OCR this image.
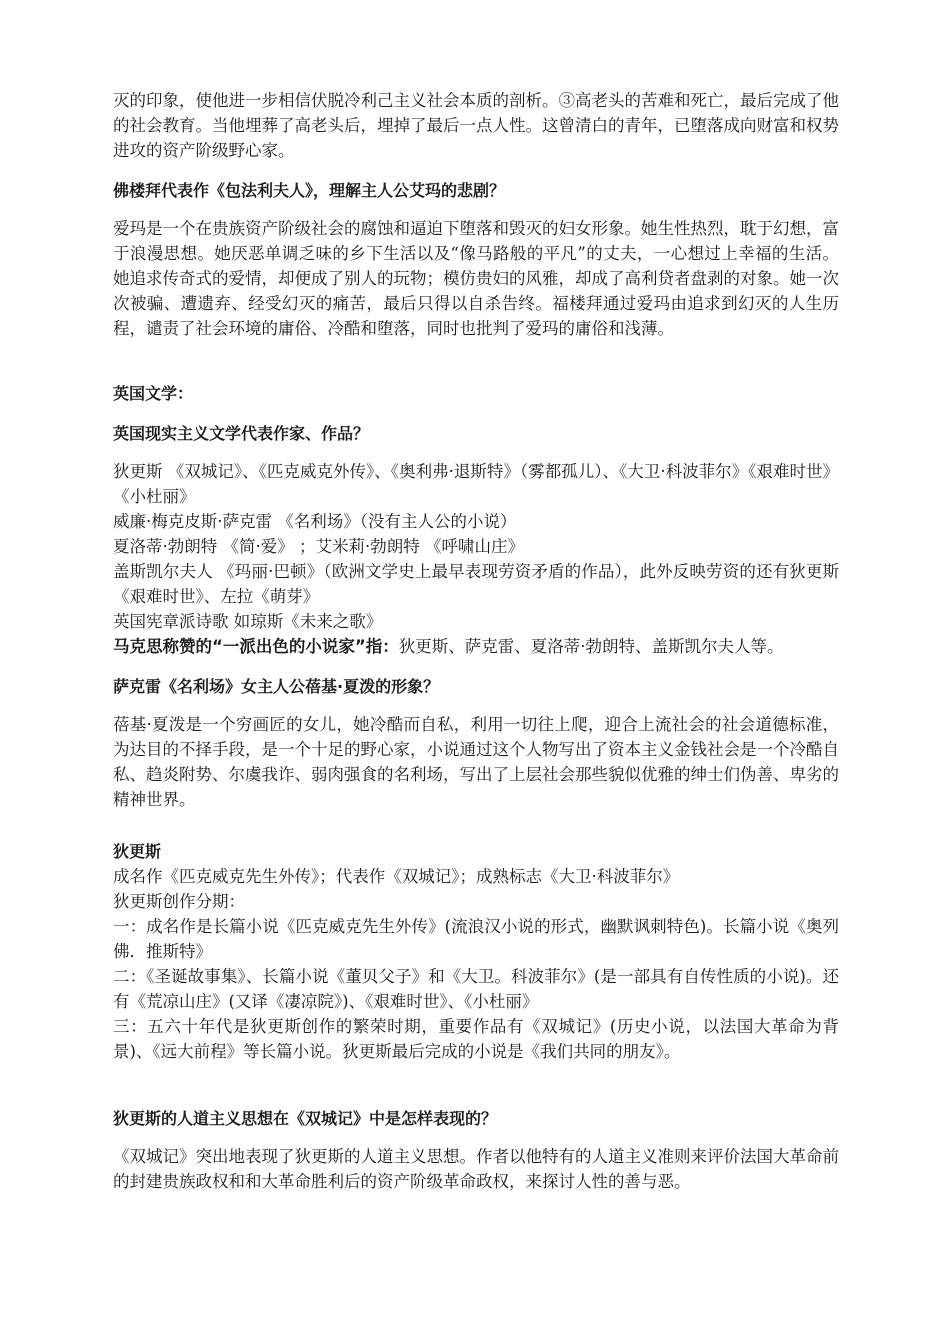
灭的印象，使他进一步相信伏脱冷利己主义社会本质的剖析。③高老头的苦难和死亡，最后完成了他的社会教育。当他埋葬了高老头后，埋掉了最后一点人性。这曾清白的青年，已堕落成向财富和权势进攻的资产阶级野心家。

佛楼拜代表作《包法利夫人》，理解主人公艾玛的悲剧？

爱玛是一个在贵族资产阶级社会的腐蚀和逼迫下堕落和毁灭的妇女形象。她生性热烈，耽于幻想，富于浪漫思想。她厌恶单调乏味的乡下生活以及“像马路般的平凡”的丈夫，一心想过上幸福的生活。她追求传奇式的爱情，却便成了别人的玩物；模仿贵妇的风雅，却成了高利贷者盘剥的对象。她一次次被骗、遭遗弃、经受幻灭的痛苦，最后只得以自杀告终。福楼拜通过爱玛由追求到幻灭的人生历程，谴责了社会环境的庸俗、冷酷和堕落，同时也批判了爱玛的庸俗和浅薄。

英国文学：

英国现实主义文学代表作家、作品？

狄更斯 《双城记》、《匹克威克外传》、《奥利弗·退斯特》（雾都孤儿）、《大卫·科波菲尔》《艰难时世》《小杜丽》

威廉·梅克皮斯·萨克雷 《名利场》（没有主人公的小说）

夏洛蒂·勃朗特 《简·爱》 ；艾米莉·勃朗特 《呼啸山庄》

盖斯凯尔夫人 《玛丽·巴顿》（欧洲文学史上最早表现劳资矛盾的作品），此外反映劳资的还有狄更斯《艰难时世》、左拉《萌芽》

英国宪章派诗歌 如琼斯《未来之歌》

马克思称赞的“一派出色的小说家”指：狄更斯、萨克雷、夏洛蒂·勃朗特、盖斯凯尔夫人等。

萨克雷《名利场》女主人公蓓基·夏泼的形象？

蓓基·夏泼是一个穷画匠的女儿，她冷酷而自私，利用一切往上爬，迎合上流社会的社会道德标准，为达目的不择手段，是一个十足的野心家，小说通过这个人物写出了资本主义金钱社会是一个冷酷自私、趋炎附势、尔虞我诈、弱肉强食的名利场，写出了上层社会那些貌似优雅的绅士们伪善、卑劣的精神世界。

狄更斯

成名作《匹克威克先生外传》；代表作《双城记》；成熟标志《大卫·科波菲尔》

狄更斯创作分期：

一：成名作是长篇小说《匹克威克先生外传》(流浪汉小说的形式，幽默讽刺特色)。长篇小说《奥列佛．推斯特》

二：《圣诞故事集》、长篇小说《董贝父子》和《大卫。科波菲尔》(是一部具有自传性质的小说)。还有《荒凉山庄》(又译《凄凉院》)、《艰难时世》、《小杜丽》

三：五六十年代是狄更斯创作的繁荣时期，重要作品有《双城记》(历史小说，以法国大革命为背景)、《远大前程》等长篇小说。狄更斯最后完成的小说是《我们共同的朋友》。

狄更斯的人道主义思想在《双城记》中是怎样表现的？

《双城记》突出地表现了狄更斯的人道主义思想。作者以他特有的人道主义准则来评价法国大革命前的封建贵族政权和和大革命胜利后的资产阶级革命政权，来探讨人性的善与恶。
